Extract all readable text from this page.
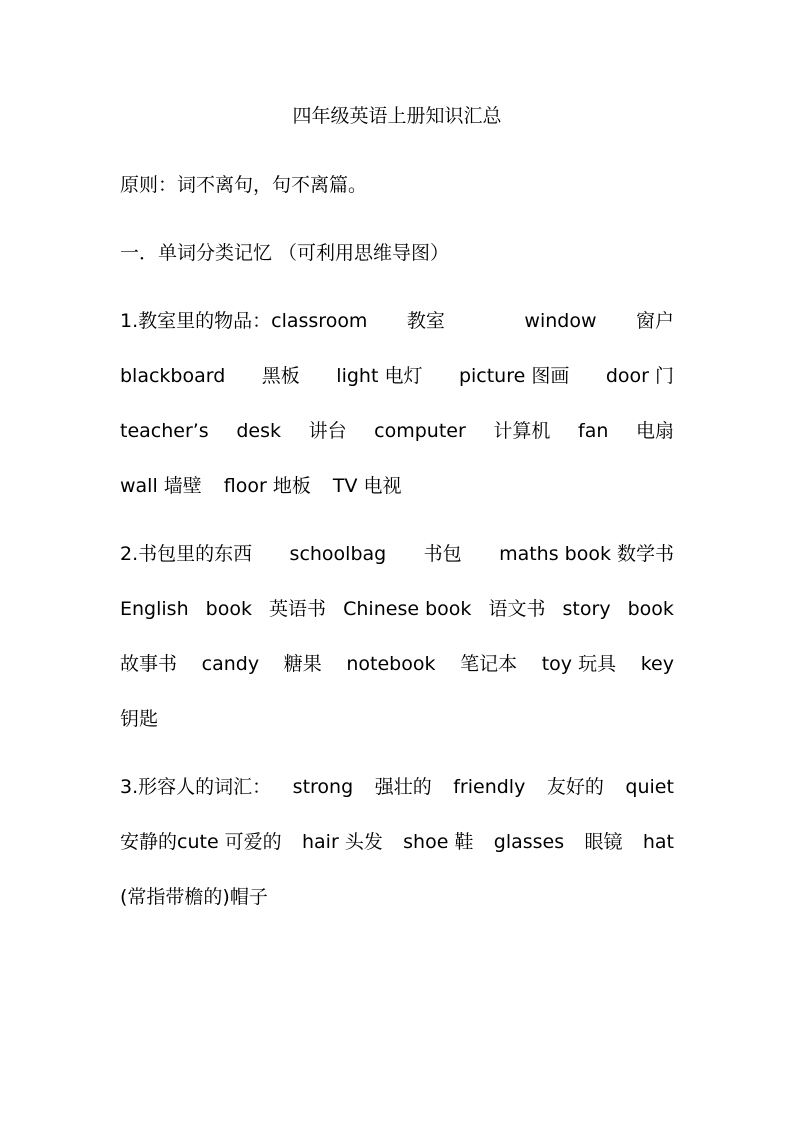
四年级英语上册知识汇总
原则：词不离句，句不离篇。
一．单词分类记忆 （可利用思维导图）
1.教室里的物品：classroom 教室	window 窗户
blackboard 黑板 light 电灯 picture 图画 door 门
teacher’s desk 讲台 computer 计算机 fan 电扇
wall 墙壁 floor 地板 TV 电视
2.书包里的东西 schoolbag 书包 maths book 数学书
English book 英语书 Chinese book 语文书 story book
故事书 candy 糖果 notebook 笔记本 toy 玩具 key
钥匙
3.形容人的词汇： strong 强壮的 friendly 友好的 quiet
安静的cute 可爱的 hair 头发 shoe 鞋 glasses 眼镜 hat
(常指带檐的)帽子
